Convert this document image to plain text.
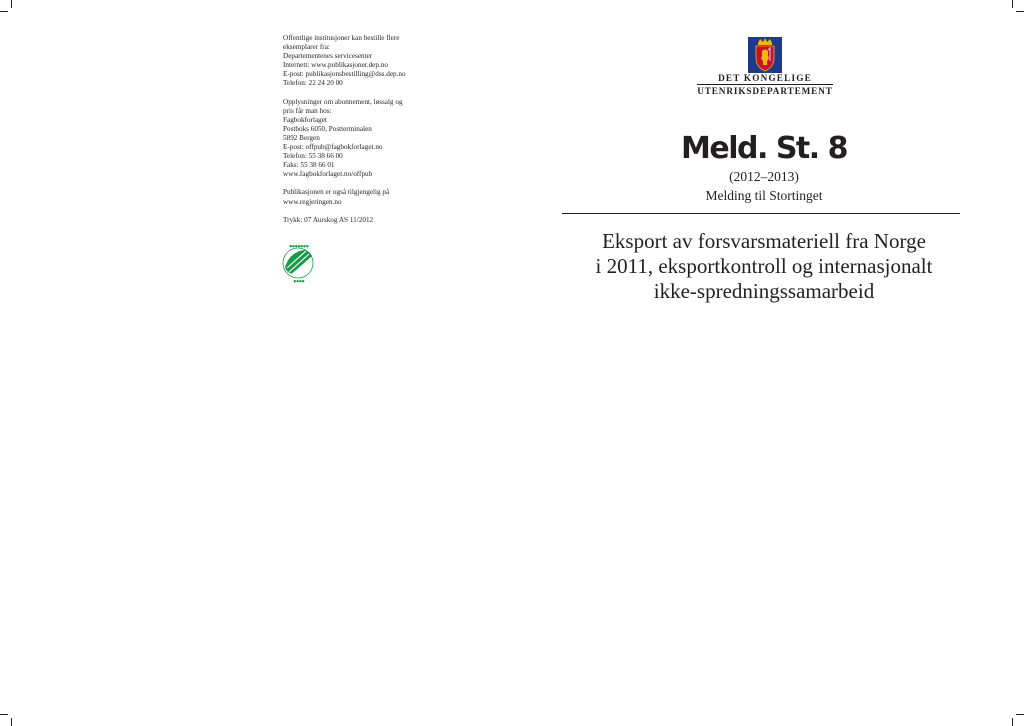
Offentlige institusjoner kan bestille flere
eksemplarer fra:
Departementenes servicesenter
Internett: www.publikasjoner.dep.no
E-post: publikasjonsbestilling@dss.dep.no
Telefon: 22 24 20 00
Opplysninger om abonnement, løssalg og
pris får man hos:
Fagbokforlaget
Postboks 6050, Postterminalen
5892 Bergen
E-post: offpub@fagbokforlaget.no
Telefon: 55 38 66 00
Faks: 55 38 66 01
www.fagbokforlaget.no/offpub
Publikasjonen er også tilgjengelig på
www.regjeringen.no
Trykk: 07 Aurskog AS 11/2012
●●●●●●●
●●●●
DET KONGELIGE
UTENRIKSDEPARTEMENT
Meld. St. 8
(2012–2013)
Melding til Stortinget
Eksport av forsvarsmateriell fra Norge
i 2011, eksportkontroll og internasjonalt
ikke-spredningssamarbeid
